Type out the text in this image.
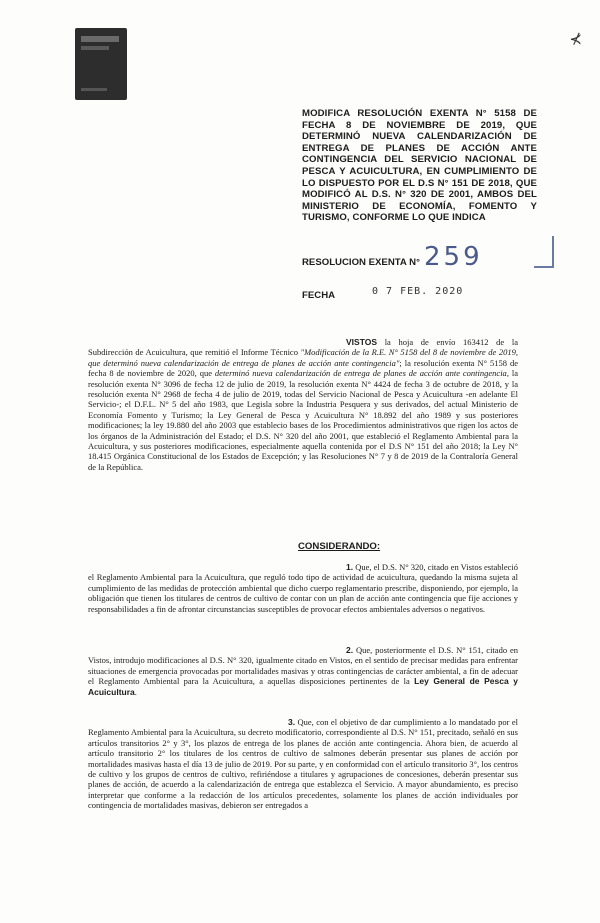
⊀
MODIFICA RESOLUCIÓN EXENTA N° 5158 DE FECHA 8 DE NOVIEMBRE DE 2019, QUE DETERMINÓ NUEVA CALENDARIZACIÓN DE ENTREGA DE PLANES DE ACCIÓN ANTE CONTINGENCIA DEL SERVICIO NACIONAL DE PESCA Y ACUICULTURA, EN CUMPLIMIENTO DE LO DISPUESTO POR EL D.S N° 151 DE 2018, QUE MODIFICÓ AL D.S. N° 320 DE 2001, AMBOS DEL MINISTERIO DE ECONOMÍA, FOMENTO Y TURISMO, CONFORME LO QUE INDICA
RESOLUCION EXENTA N° 259
FECHA	0 7 FEB. 2020
VISTOS la hoja de envío 163412 de la Subdirección de Acuicultura, que remitió el Informe Técnico "Modificación de la R.E. N° 5158 del 8 de noviembre de 2019, que determinó nueva calendarización de entrega de planes de acción ante contingencia"; la resolución exenta N° 5158 de fecha 8 de noviembre de 2020, que determinó nueva calendarización de entrega de planes de acción ante contingencia, la resolución exenta N° 3096 de fecha 12 de julio de 2019, la resolución exenta N° 4424 de fecha 3 de octubre de 2018, y la resolución exenta N° 2968 de fecha 4 de julio de 2019, todas del Servicio Nacional de Pesca y Acuicultura -en adelante El Servicio-; el D.F.L. N° 5 del año 1983, que Legisla sobre la Industria Pesquera y sus derivados, del actual Ministerio de Economía Fomento y Turismo; la Ley General de Pesca y Acuicultura N° 18.892 del año 1989 y sus posteriores modificaciones; la ley 19.880 del año 2003 que establecio bases de los Procedimientos administrativos que rigen los actos de los órganos de la Administración del Estado; el D.S. N° 320 del año 2001, que estableció el Reglamento Ambiental para la Acuicultura, y sus posteriores modificaciones, especialmente aquella contenida por el D.S N° 151 del año 2018; la Ley N° 18.415 Orgánica Constitucional de los Estados de Excepción; y las Resoluciones N° 7 y 8 de 2019 de la Contraloría General de la República.
CONSIDERANDO:
1. Que, el D.S. N° 320, citado en Vistos estableció el Reglamento Ambiental para la Acuicultura, que reguló todo tipo de actividad de acuicultura, quedando la misma sujeta al cumplimiento de las medidas de protección ambiental que dicho cuerpo reglamentario prescribe, disponiendo, por ejemplo, la obligación que tienen los titulares de centros de cultivo de contar con un plan de acción ante contingencia que fije acciones y responsabilidades a fin de afrontar circunstancias susceptibles de provocar efectos ambientales adversos o negativos.
2. Que, posteriormente el D.S. N° 151, citado en Vistos, introdujo modificaciones al D.S. N° 320, igualmente citado en Vistos, en el sentido de precisar medidas para enfrentar situaciones de emergencia provocadas por mortalidades masivas y otras contingencias de carácter ambiental, a fin de adecuar el Reglamento Ambiental para la Acuicultura, a aquellas disposiciones pertinentes de la Ley General de Pesca y Acuicultura.
3. Que, con el objetivo de dar cumplimiento a lo mandatado por el Reglamento Ambiental para la Acuicultura, su decreto modificatorio, correspondiente al D.S. N° 151, precitado, señaló en sus artículos transitorios 2° y 3°, los plazos de entrega de los planes de acción ante contingencia. Ahora bien, de acuerdo al artículo transitorio 2° los titulares de los centros de cultivo de salmones deberán presentar sus planes de acción por mortalidades masivas hasta el día 13 de julio de 2019. Por su parte, y en conformidad con el artículo transitorio 3°, los centros de cultivo y los grupos de centros de cultivo, refiriéndose a titulares y agrupaciones de concesiones, deberán presentar sus planes de acción, de acuerdo a la calendarización de entrega que establezca el Servicio. A mayor abundamiento, es preciso interpretar que conforme a la redacción de los artículos precedentes, solamente los planes de acción individuales por contingencia de mortalidades masivas, debieron ser entregados a
